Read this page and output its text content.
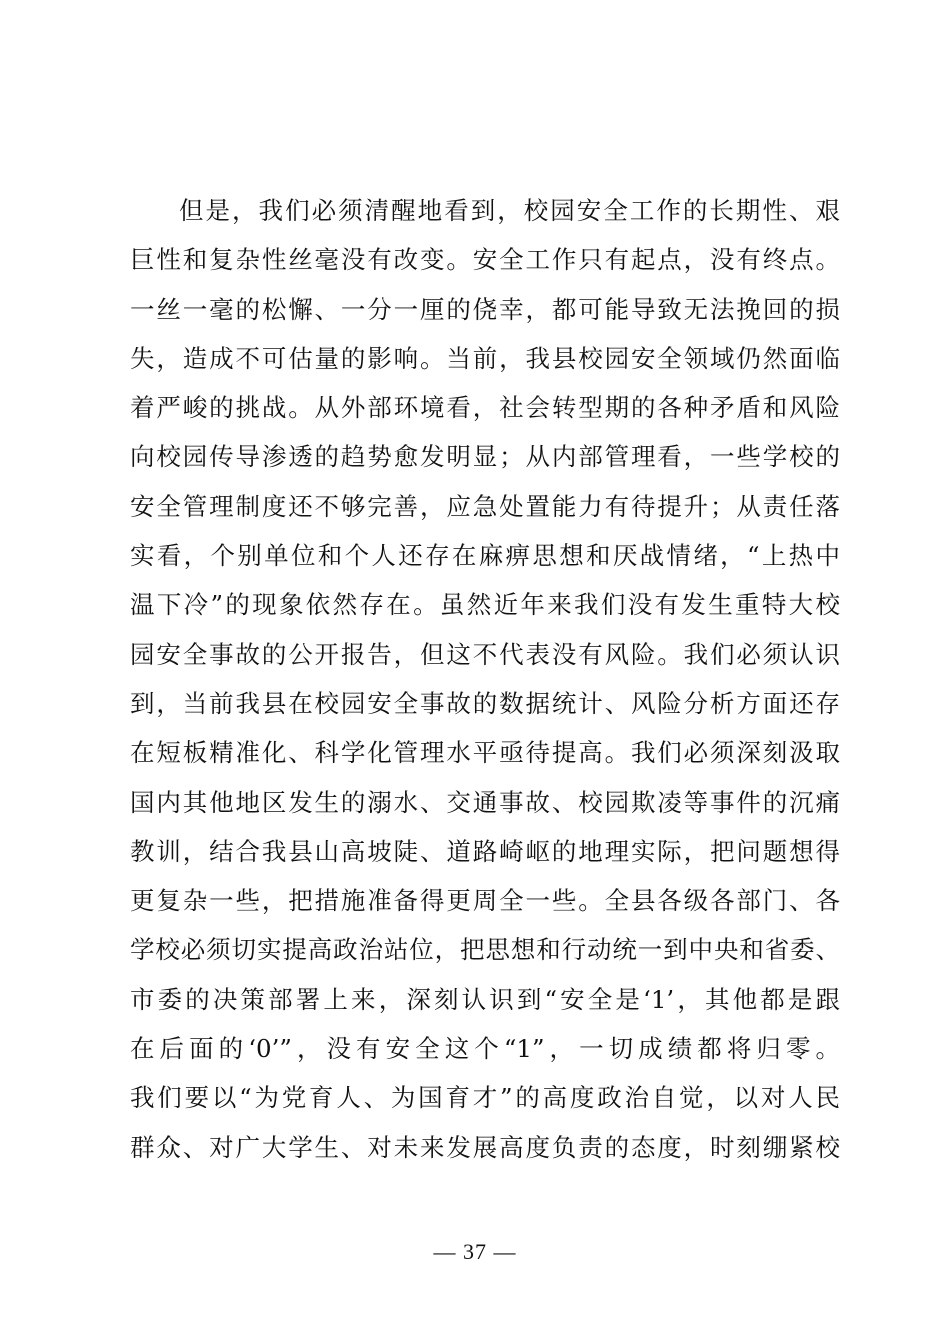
但是，我们必须清醒地看到，校园安全工作的长期性、艰
巨性和复杂性丝毫没有改变。安全工作只有起点，没有终点。
一丝一毫的松懈、一分一厘的侥幸，都可能导致无法挽回的损
失，造成不可估量的影响。当前，我县校园安全领域仍然面临
着严峻的挑战。从外部环境看，社会转型期的各种矛盾和风险
向校园传导渗透的趋势愈发明显；从内部管理看，一些学校的
安全管理制度还不够完善，应急处置能力有待提升；从责任落
实看，个别单位和个人还存在麻痹思想和厌战情绪，“上热中
温下冷”的现象依然存在。虽然近年来我们没有发生重特大校
园安全事故的公开报告，但这不代表没有风险。我们必须认识
到，当前我县在校园安全事故的数据统计、风险分析方面还存
在短板精准化、科学化管理水平亟待提高。我们必须深刻汲取
国内其他地区发生的溺水、交通事故、校园欺凌等事件的沉痛
教训，结合我县山高坡陡、道路崎岖的地理实际，把问题想得
更复杂一些，把措施准备得更周全一些。全县各级各部门、各
学校必须切实提高政治站位，把思想和行动统一到中央和省委、
市委的决策部署上来，深刻认识到“安全是‘1’，其他都是跟
在后面的‘0’”，没有安全这个“1”，一切成绩都将归零。
我们要以“为党育人、为国育才”的高度政治自觉，以对人民
群众、对广大学生、对未来发展高度负责的态度，时刻绷紧校
— 37 —
